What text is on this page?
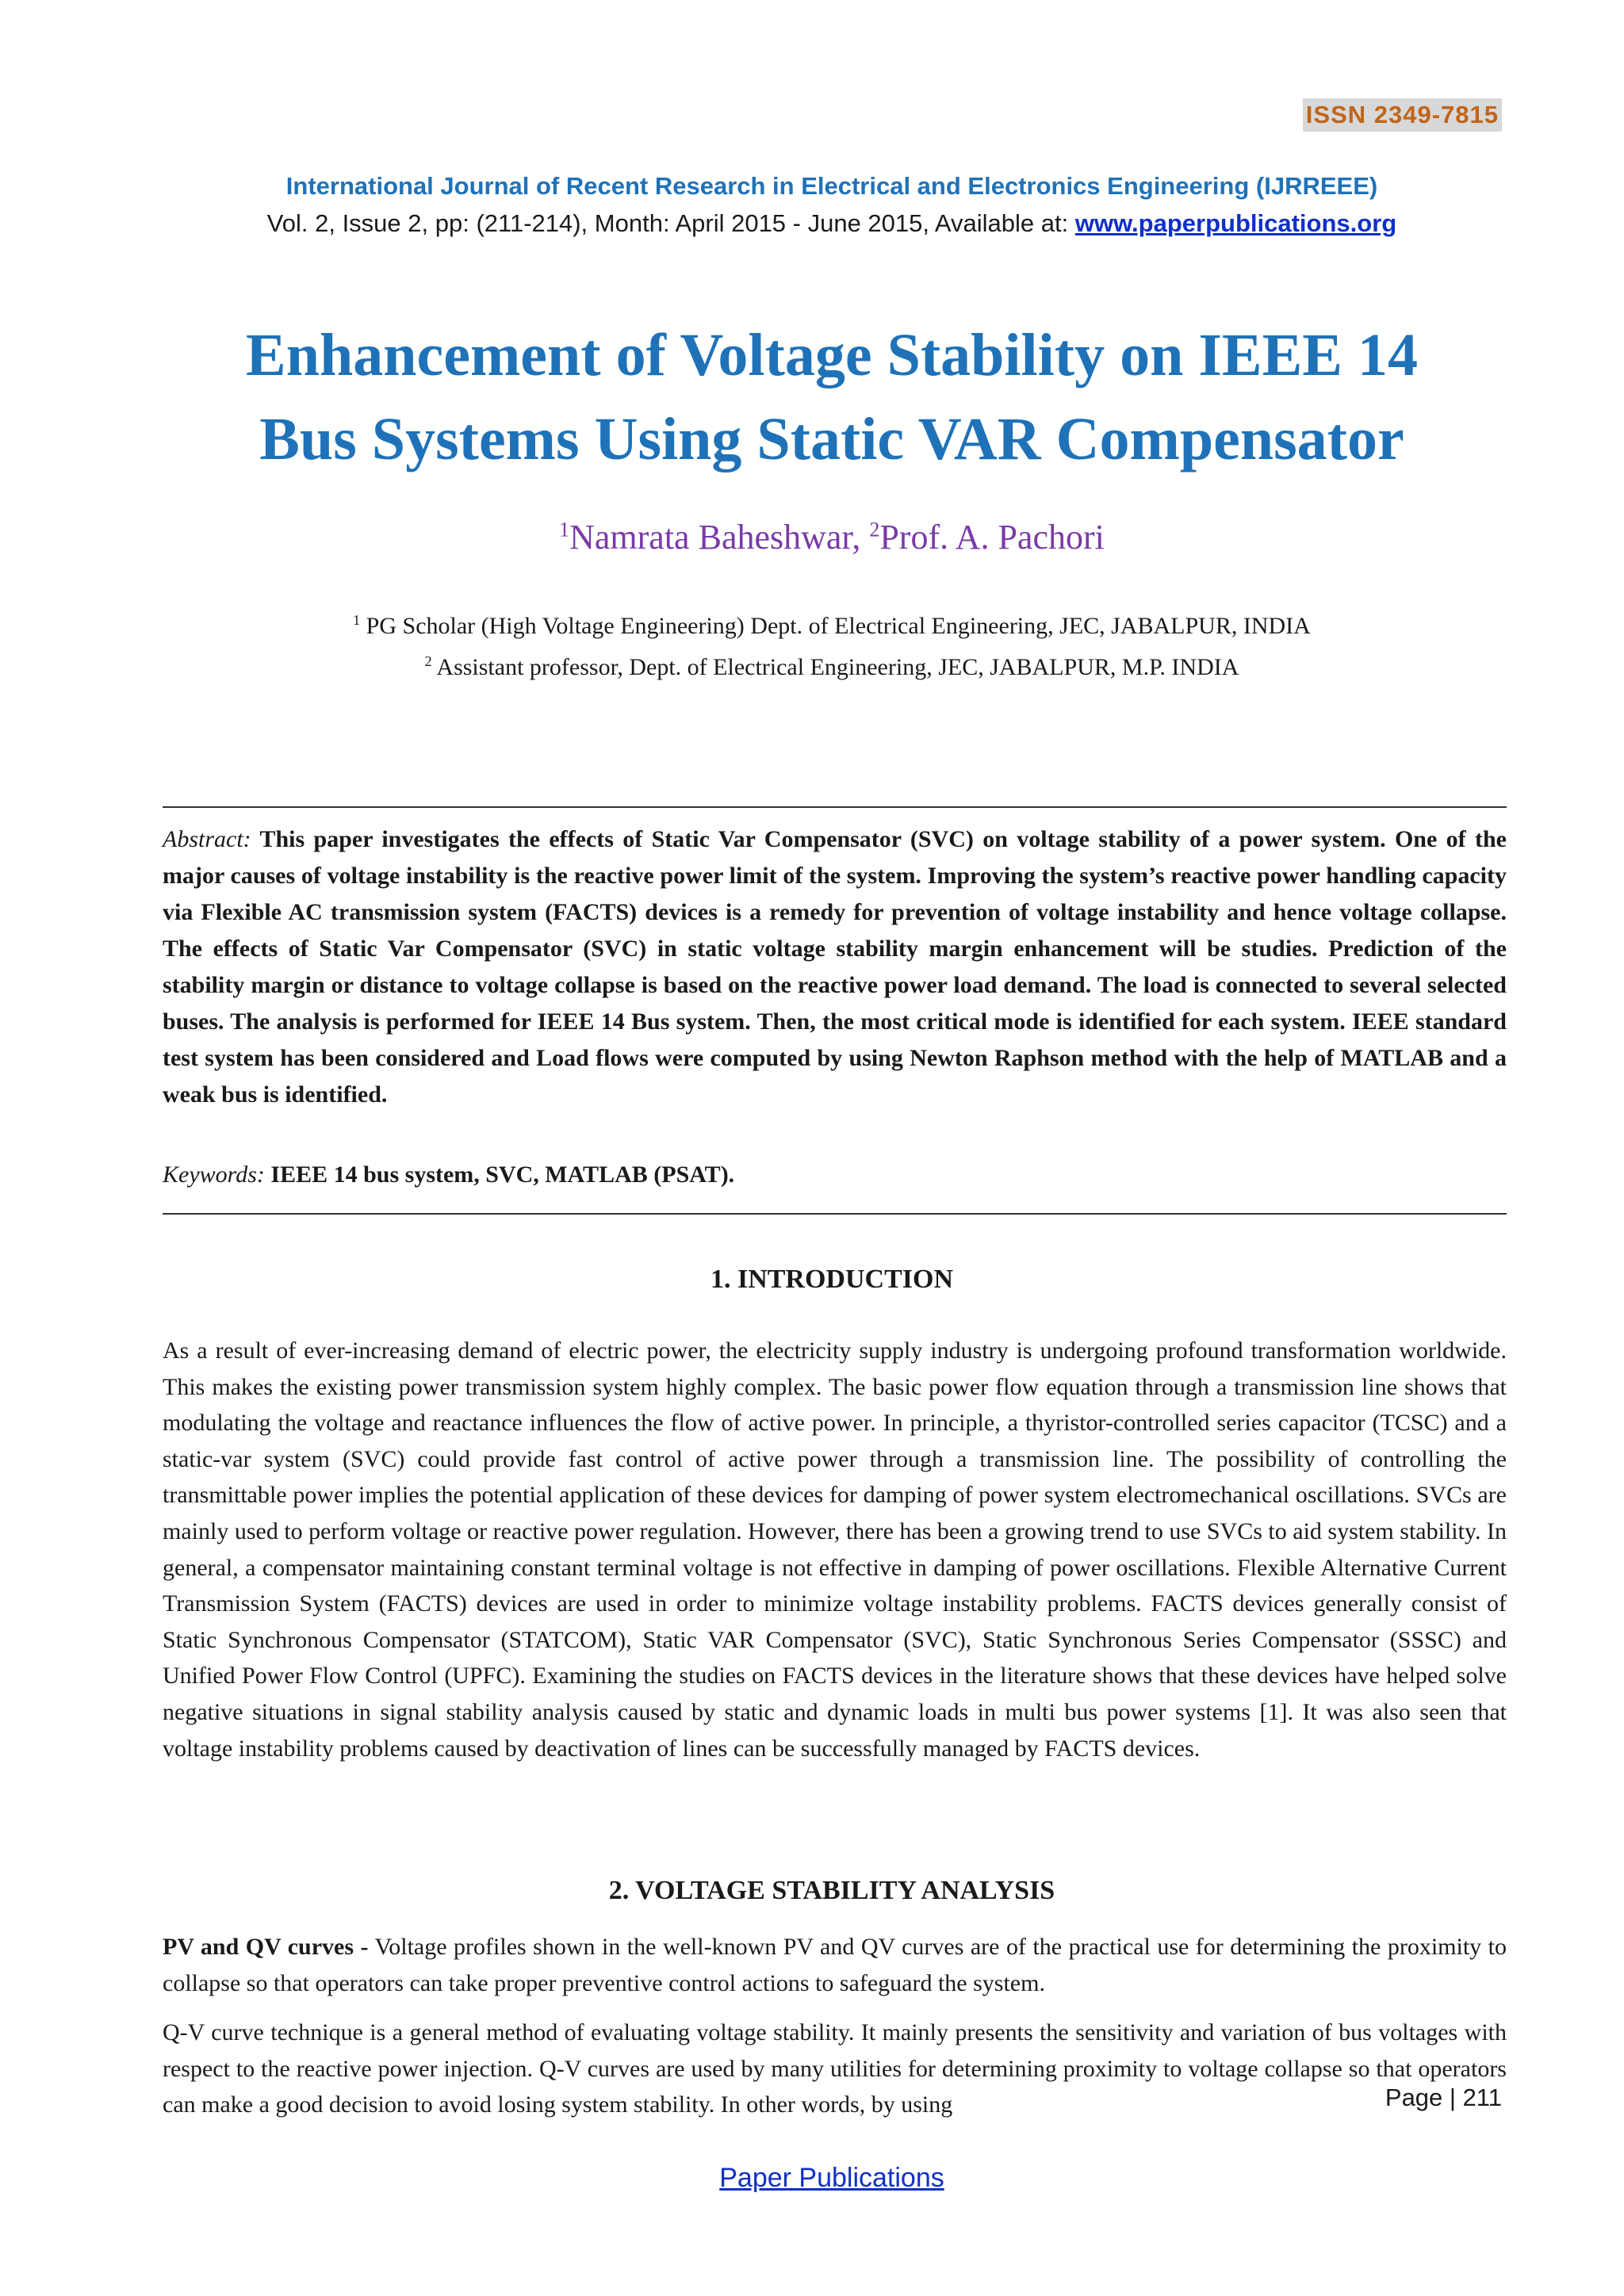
ISSN 2349-7815
International Journal of Recent Research in Electrical and Electronics Engineering (IJRREEE)
Vol. 2, Issue 2, pp: (211-214), Month: April 2015 - June 2015, Available at: www.paperpublications.org
Enhancement of Voltage Stability on IEEE 14
Bus Systems Using Static VAR Compensator
$^1$Namrata Baheshwar, $^2$Prof. A. Pachori
$^1$ PG Scholar (High Voltage Engineering) Dept. of Electrical Engineering, JEC, JABALPUR, INDIA
$^2$ Assistant professor, Dept. of Electrical Engineering, JEC, JABALPUR, M.P. INDIA
Abstract: This paper investigates the effects of Static Var Compensator (SVC) on voltage stability of a power system. One of the major causes of voltage instability is the reactive power limit of the system. Improving the system’s reactive power handling capacity via Flexible AC transmission system (FACTS) devices is a remedy for prevention of voltage instability and hence voltage collapse. The effects of Static Var Compensator (SVC) in static voltage stability margin enhancement will be studies. Prediction of the stability margin or distance to voltage collapse is based on the reactive power load demand. The load is connected to several selected buses. The analysis is performed for IEEE 14 Bus system. Then, the most critical mode is identified for each system. IEEE standard test system has been considered and Load flows were computed by using Newton Raphson method with the help of MATLAB and a weak bus is identified.
Keywords: IEEE 14 bus system, SVC, MATLAB (PSAT).
1. INTRODUCTION
As a result of ever-increasing demand of electric power, the electricity supply industry is undergoing profound transformation worldwide. This makes the existing power transmission system highly complex. The basic power flow equation through a transmission line shows that modulating the voltage and reactance influences the flow of active power. In principle, a thyristor-controlled series capacitor (TCSC) and a static-var system (SVC) could provide fast control of active power through a transmission line. The possibility of controlling the transmittable power implies the potential application of these devices for damping of power system electromechanical oscillations. SVCs are mainly used to perform voltage or reactive power regulation. However, there has been a growing trend to use SVCs to aid system stability. In general, a compensator maintaining constant terminal voltage is not effective in damping of power oscillations. Flexible Alternative Current Transmission System (FACTS) devices are used in order to minimize voltage instability problems. FACTS devices generally consist of Static Synchronous Compensator (STATCOM), Static VAR Compensator (SVC), Static Synchronous Series Compensator (SSSC) and Unified Power Flow Control (UPFC). Examining the studies on FACTS devices in the literature shows that these devices have helped solve negative situations in signal stability analysis caused by static and dynamic loads in multi bus power systems [1]. It was also seen that voltage instability problems caused by deactivation of lines can be successfully managed by FACTS devices.
2. VOLTAGE STABILITY ANALYSIS
PV and QV curves - Voltage profiles shown in the well-known PV and QV curves are of the practical use for determining the proximity to collapse so that operators can take proper preventive control actions to safeguard the system.
Q-V curve technique is a general method of evaluating voltage stability. It mainly presents the sensitivity and variation of bus voltages with respect to the reactive power injection. Q-V curves are used by many utilities for determining proximity to voltage collapse so that operators can make a good decision to avoid losing system stability. In other words, by using	Page | 211
Paper Publications
